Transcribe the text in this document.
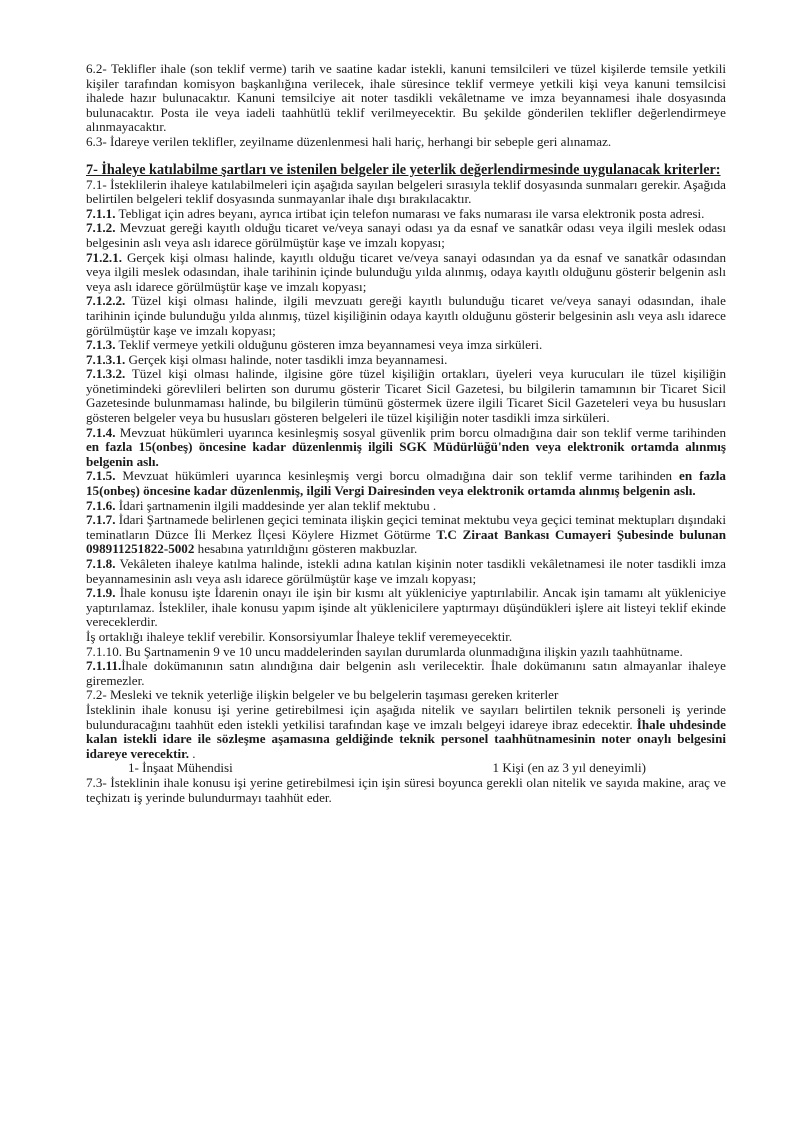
6.2- Teklifler ihale (son teklif verme) tarih ve saatine kadar istekli, kanuni temsilcileri ve tüzel kişilerde temsile yetkili kişiler tarafından komisyon başkanlığına verilecek, ihale süresince teklif vermeye yetkili kişi veya kanuni temsilcisi ihalede hazır bulunacaktır. Kanuni temsilciye ait noter tasdikli vekâletname ve imza beyannamesi ihale dosyasında bulunacaktır. Posta ile veya iadeli taahhütlü teklif verilmeyecektir. Bu şekilde gönderilen teklifler değerlendirmeye alınmayacaktır.

6.3- İdareye verilen teklifler, zeyilname düzenlenmesi hali hariç, herhangi bir sebeple geri alınamaz.

7- İhaleye katılabilme şartları ve istenilen belgeler ile yeterlik değerlendirmesinde uygulanacak kriterler:

7.1- İsteklilerin ihaleye katılabilmeleri için aşağıda sayılan belgeleri sırasıyla teklif dosyasında sunmaları gerekir. Aşağıda belirtilen belgeleri teklif dosyasında sunmayanlar ihale dışı bırakılacaktır.

7.1.1. Tebligat için adres beyanı, ayrıca irtibat için telefon numarası ve faks numarası ile varsa elektronik posta adresi.

7.1.2. Mevzuat gereği kayıtlı olduğu ticaret ve/veya sanayi odası ya da esnaf ve sanatkâr odası veya ilgili meslek odası belgesinin aslı veya aslı idarece görülmüştür kaşe ve imzalı kopyası;

71.2.1. Gerçek kişi olması halinde, kayıtlı olduğu ticaret ve/veya sanayi odasından ya da esnaf ve sanatkâr odasından veya ilgili meslek odasından, ihale tarihinin içinde bulunduğu yılda alınmış, odaya kayıtlı olduğunu gösterir belgenin aslı veya aslı idarece görülmüştür kaşe ve imzalı kopyası;

7.1.2.2. Tüzel kişi olması halinde, ilgili mevzuatı gereği kayıtlı bulunduğu ticaret ve/veya sanayi odasından, ihale tarihinin içinde bulunduğu yılda alınmış, tüzel kişiliğinin odaya kayıtlı olduğunu gösterir belgesinin aslı veya aslı idarece görülmüştür kaşe ve imzalı kopyası;

7.1.3. Teklif vermeye yetkili olduğunu gösteren imza beyannamesi veya imza sirküleri.

7.1.3.1. Gerçek kişi olması halinde, noter tasdikli imza beyannamesi.

7.1.3.2. Tüzel kişi olması halinde, ilgisine göre tüzel kişiliğin ortakları, üyeleri veya kurucuları ile tüzel kişiliğin yönetimindeki görevlileri belirten son durumu gösterir Ticaret Sicil Gazetesi, bu bilgilerin tamamının bir Ticaret Sicil Gazetesinde bulunmaması halinde, bu bilgilerin tümünü göstermek üzere ilgili Ticaret Sicil Gazeteleri veya bu hususları gösteren belgeler veya bu hususları gösteren belgeleri ile tüzel kişiliğin noter tasdikli imza sirküleri.

7.1.4. Mevzuat hükümleri uyarınca kesinleşmiş sosyal güvenlik prim borcu olmadığına dair son teklif verme tarihinden en fazla 15(onbeş) öncesine kadar düzenlenmiş ilgili SGK Müdürlüğü'nden veya elektronik ortamda alınmış belgenin aslı.

7.1.5. Mevzuat hükümleri uyarınca kesinleşmiş vergi borcu olmadığına dair son teklif verme tarihinden en fazla 15(onbeş) öncesine kadar düzenlenmiş, ilgili Vergi Dairesinden veya elektronik ortamda alınmış belgenin aslı.

7.1.6. İdari şartnamenin ilgili maddesinde yer alan teklif mektubu .

7.1.7. İdari Şartnamede belirlenen geçici teminata ilişkin geçici teminat mektubu veya geçici teminat mektupları dışındaki teminatların Düzce İli Merkez İlçesi Köylere Hizmet Götürme T.C Ziraat Bankası Cumayeri Şubesinde bulunan 098911251822-5002 hesabına yatırıldığını gösteren makbuzlar.

7.1.8. Vekâleten ihaleye katılma halinde, istekli adına katılan kişinin noter tasdikli vekâletnamesi ile noter tasdikli imza beyannamesinin aslı veya aslı idarece görülmüştür kaşe ve imzalı kopyası;

7.1.9. İhale konusu işte İdarenin onayı ile işin bir kısmı alt yükleniciye yaptırılabilir. Ancak işin tamamı alt yükleniciye yaptırılamaz. İstekliler, ihale konusu yapım işinde alt yüklenicilere yaptırmayı düşündükleri işlere ait listeyi teklif ekinde vereceklerdir.

İş ortaklığı ihaleye teklif verebilir. Konsorsiyumlar İhaleye teklif veremeyecektir.

7.1.10. Bu Şartnamenin 9 ve 10 uncu maddelerinden sayılan durumlarda olunmadığına ilişkin yazılı taahhütname.

7.1.11.İhale dokümanının satın alındığına dair belgenin aslı verilecektir. İhale dokümanını satın almayanlar ihaleye giremezler.

7.2- Mesleki ve teknik yeterliğe ilişkin belgeler ve bu belgelerin taşıması gereken kriterler

İsteklinin ihale konusu işi yerine getirebilmesi için aşağıda nitelik ve sayıları belirtilen teknik personeli iş yerinde bulunduracağını taahhüt eden istekli yetkilisi tarafından kaşe ve imzalı belgeyi idareye ibraz edecektir. İhale uhdesinde kalan istekli idare ile sözleşme aşamasına geldiğinde teknik personel taahhütnamesinin noter onaylı belgesini idareye verecektir. .

1- İnşaat Mühendisi	1 Kişi (en az 3 yıl deneyimli)

7.3- İsteklinin ihale konusu işi yerine getirebilmesi için işin süresi boyunca gerekli olan nitelik ve sayıda makine, araç ve teçhizatı iş yerinde bulundurmayı taahhüt eder.
